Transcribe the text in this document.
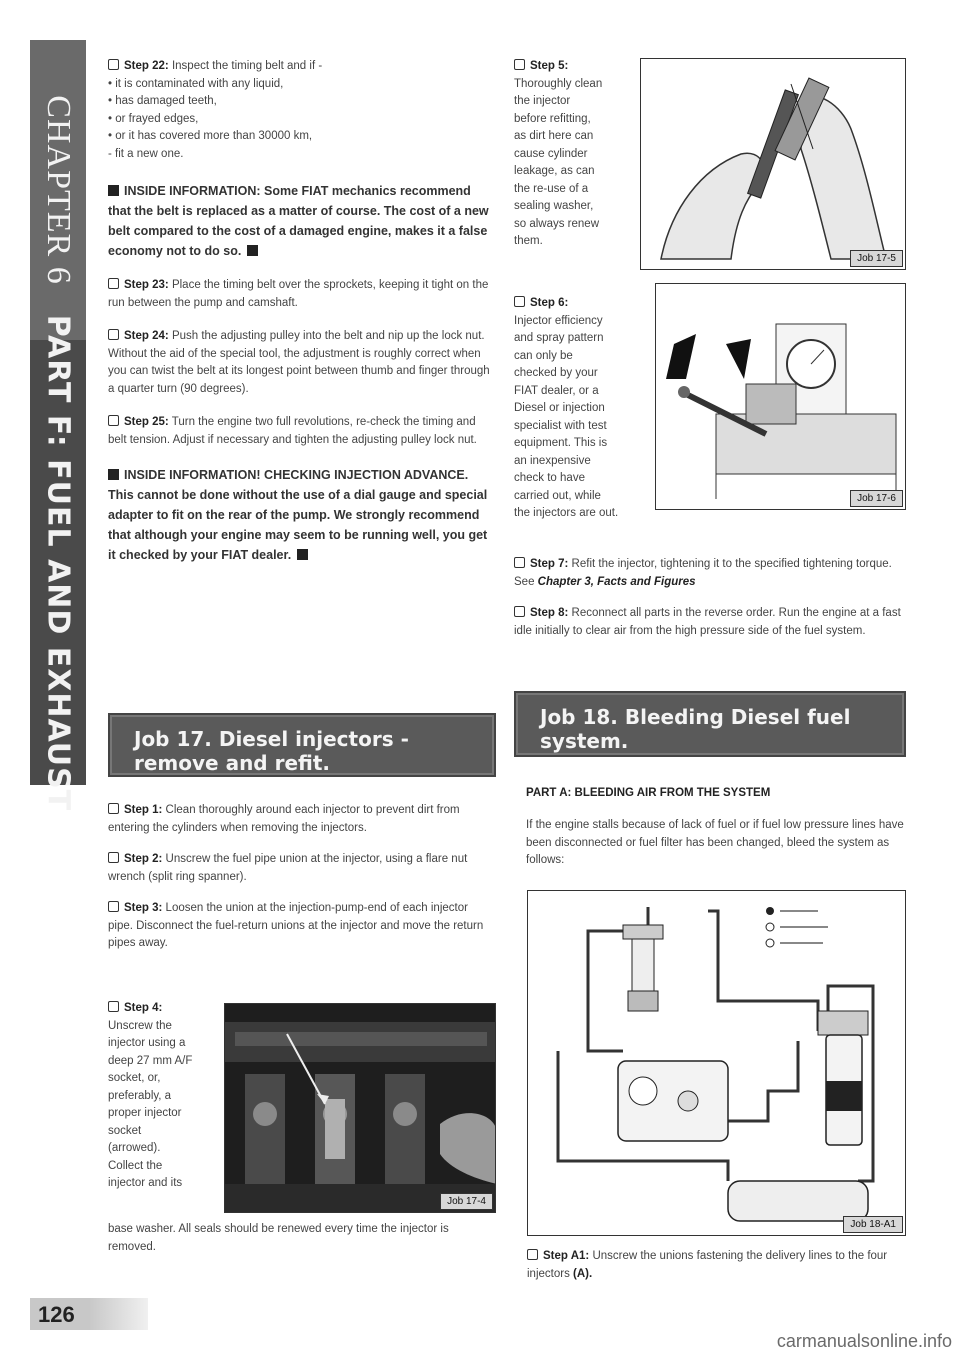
CHAPTER 6
PART F: FUEL AND EXHAUST
Step 22: Inspect the timing belt and if -
• it is contaminated with any liquid,
• has damaged teeth,
• or frayed edges,
• or it has covered more than 30000 km,
- fit a new one.
INSIDE INFORMATION: Some FIAT mechanics recommend that the belt is replaced as a matter of course. The cost of a new belt compared to the cost of a damaged engine, makes it a false economy not to do so.
Step 23: Place the timing belt over the sprockets, keeping it tight on the run between the pump and camshaft.
Step 24: Push the adjusting pulley into the belt and nip up the lock nut. Without the aid of the special tool, the adjustment is roughly correct when you can twist the belt at its longest point between thumb and finger through a quarter turn (90 degrees).
Step 25: Turn the engine two full revolutions, re-check the timing and belt tension. Adjust if necessary and tighten the adjusting pulley lock nut.
INSIDE INFORMATION! CHECKING INJECTION ADVANCE. This cannot be done without the use of a dial gauge and special adapter to fit on the rear of the pump. We strongly recommend that although your engine may seem to be running well, you get it checked by your FIAT dealer.
Job 17. Diesel injectors - remove and refit.
Step 1: Clean thoroughly around each injector to prevent dirt from entering the cylinders when removing the injectors.
Step 2: Unscrew the fuel pipe union at the injector, using a flare nut wrench (split ring spanner).
Step 3: Loosen the union at the injection-pump-end of each injector pipe. Disconnect the fuel-return unions at the injector and move the return pipes away.
Step 4:
Unscrew the
injector using a
deep 27 mm A/F
socket, or,
preferably, a
proper injector
socket
(arrowed).
Collect the
injector and its
base washer. All seals should be renewed every time the injector is removed.
Job 17-4
Step 5:
Thoroughly clean
the injector
before refitting,
as dirt here can
cause cylinder
leakage, as can
the re-use of a
sealing washer,
so always renew
them.
Job 17-5
Step 6:
Injector efficiency
and spray pattern
can only be
checked by your
FIAT dealer, or a
Diesel or injection
specialist with test
equipment. This is
an inexpensive
check to have
carried out, while
the injectors are out.
Job 17-6
Step 7: Refit the injector, tightening it to the specified tightening torque. See Chapter 3, Facts and Figures
Step 8: Reconnect all parts in the reverse order. Run the engine at a fast idle initially to clear air from the high pressure side of the fuel system.
Job 18. Bleeding Diesel fuel system.
PART A: BLEEDING AIR FROM THE SYSTEM
If the engine stalls because of lack of fuel or if fuel low pressure lines have been disconnected or fuel filter has been changed, bleed the system as follows:
Job 18-A1
Step A1: Unscrew the unions fastening the delivery lines to the four injectors (A).
126
carmanualsonline.info
